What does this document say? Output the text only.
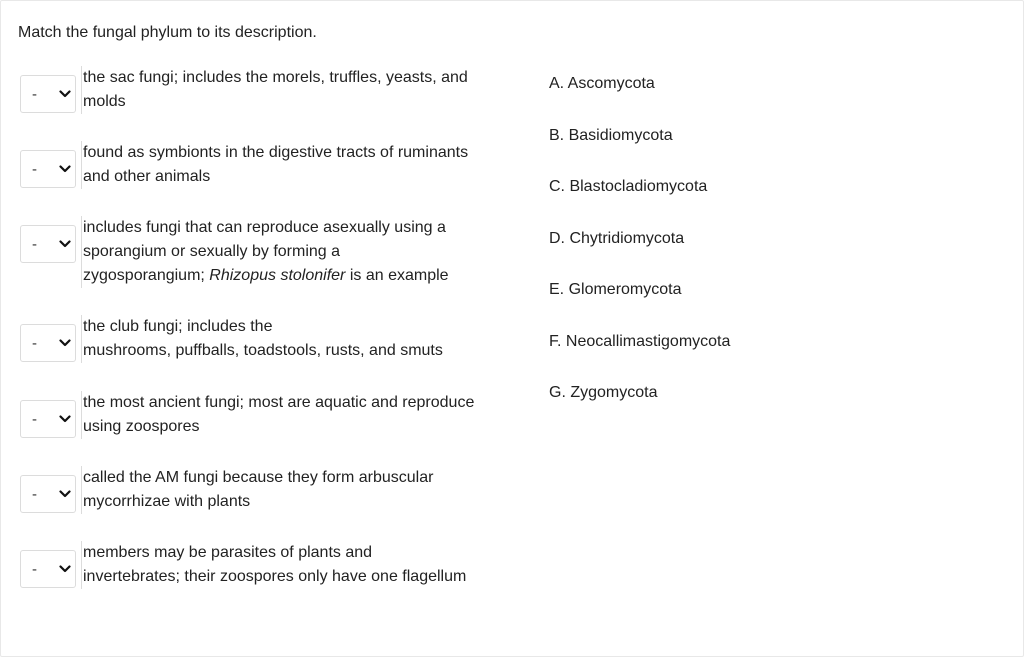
Match the fungal phylum to its description.
-
the sac fungi; includes the morels, truffles, yeasts, and
molds
-
found as symbionts in the digestive tracts of ruminants
and other animals
-
includes fungi that can reproduce asexually using a
sporangium or sexually by forming a
zygosporangium; Rhizopus stolonifer is an example
-
the club fungi; includes the
mushrooms, puffballs, toadstools, rusts, and smuts
-
the most ancient fungi; most are aquatic and reproduce
using zoospores
-
called the AM fungi because they form arbuscular
mycorrhizae with plants
-
members may be parasites of plants and
invertebrates; their zoospores only have one flagellum
A. Ascomycota
B. Basidiomycota
C. Blastocladiomycota
D. Chytridiomycota
E. Glomeromycota
F. Neocallimastigomycota
G. Zygomycota
